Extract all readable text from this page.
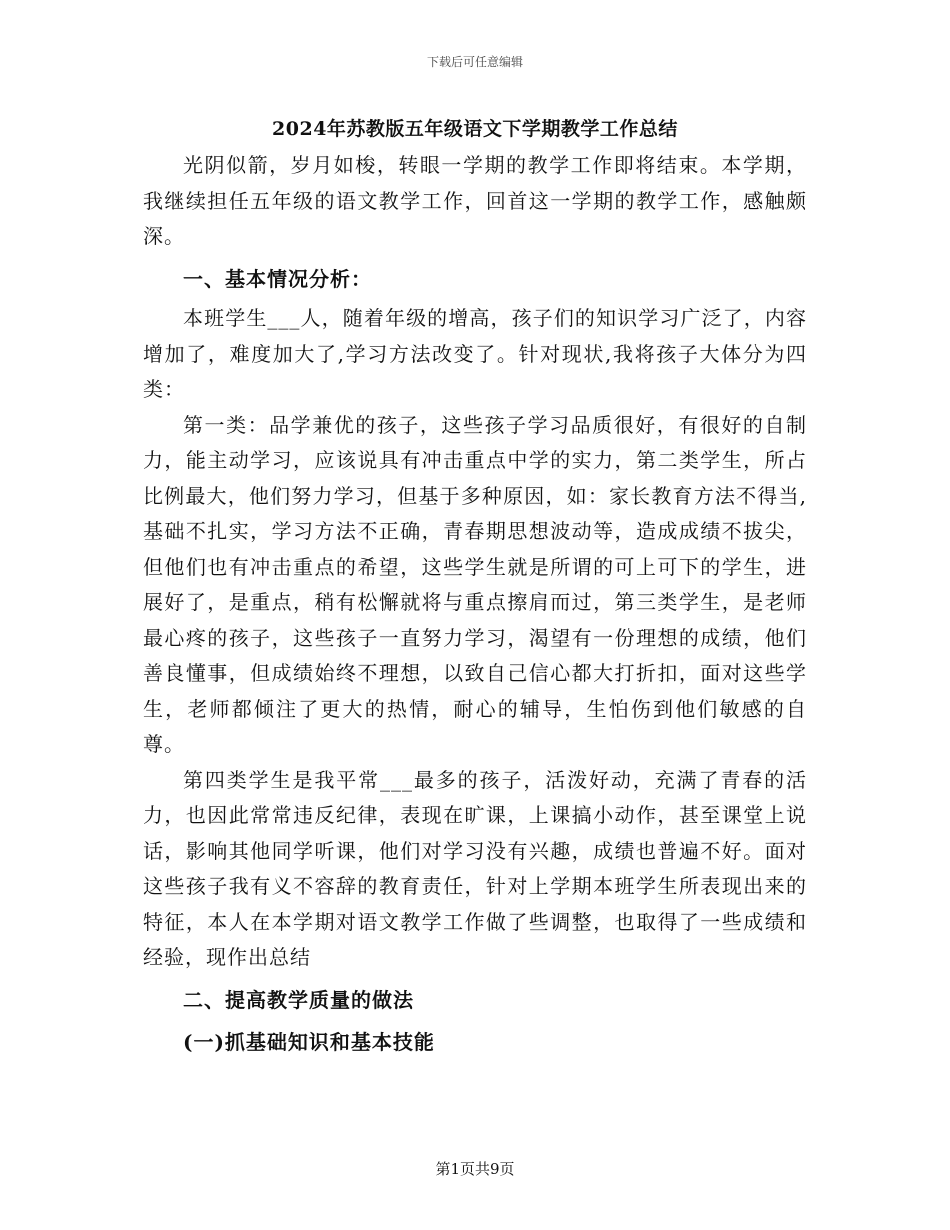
下载后可任意编辑
2024年苏教版五年级语文下学期教学工作总结

光阴似箭，岁月如梭，转眼一学期的教学工作即将结束。本学期，我继续担任五年级的语文教学工作，回首这一学期的教学工作，感触颇深。

一、基本情况分析：

本班学生___人，随着年级的增高，孩子们的知识学习广泛了，内容增加了，难度加大了,学习方法改变了。针对现状,我将孩子大体分为四类：

第一类：品学兼优的孩子，这些孩子学习品质很好，有很好的自制力，能主动学习，应该说具有冲击重点中学的实力，第二类学生，所占比例最大，他们努力学习，但基于多种原因，如：家长教育方法不得当,基础不扎实，学习方法不正确，青春期思想波动等，造成成绩不拔尖，但他们也有冲击重点的希望，这些学生就是所谓的可上可下的学生，进展好了，是重点，稍有松懈就将与重点擦肩而过，第三类学生，是老师最心疼的孩子，这些孩子一直努力学习，渴望有一份理想的成绩，他们善良懂事，但成绩始终不理想，以致自己信心都大打折扣，面对这些学生，老师都倾注了更大的热情，耐心的辅导，生怕伤到他们敏感的自尊。

第四类学生是我平常___最多的孩子，活泼好动，充满了青春的活力，也因此常常违反纪律，表现在旷课，上课搞小动作，甚至课堂上说话，影响其他同学听课，他们对学习没有兴趣，成绩也普遍不好。面对这些孩子我有义不容辞的教育责任，针对上学期本班学生所表现出来的特征，本人在本学期对语文教学工作做了些调整，也取得了一些成绩和经验，现作出总结

二、提高教学质量的做法

(一)抓基础知识和基本技能

第1页共9页
